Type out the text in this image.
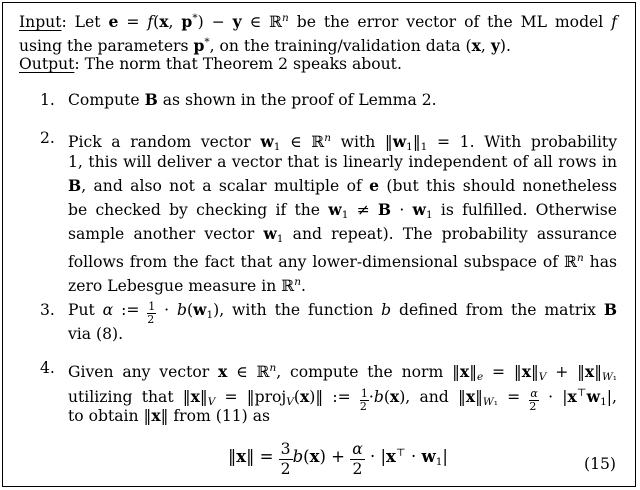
Input: Let e = f(x, p*) − y ∈ ℝ$^n$ be the error vector of the ML model f
using the parameters p*, on the training/validation data (x, y).
Output: The norm that Theorem 2 speaks about.
1. Compute B as shown in the proof of Lemma 2.
2. Pick a random vector $w_1$ ∈ ℝ$^n$ with $‖w_1‖_1 = 1$. With probability
1, this will deliver a vector that is linearly independent of all rows in
B, and also not a scalar multiple of e (but this should nonetheless
be checked by checking if the $w_1 \ne B \cdot w_1$ is fulfilled. Otherwise
sample another vector $w_1$ and repeat). The probability assurance
follows from the fact that any lower-dimensional subspace of ℝ$^n$ has
zero Lebesgue measure in ℝ$^n$.
3. Put α := $\frac{1}{2} \cdot b(w_1)$, with the function b defined from the matrix B
via (8).
4. Given any vector x ∈ ℝ$^n$, compute the norm $‖x‖_e$ = $‖x‖_V$ + $‖x‖_{W_1}$
utilizing that $‖x‖_V$ = ‖proj$_V$(x)‖ := $\frac{1}{2} \cdot b(x)$, and $‖x‖_{W_1} = \frac{\alpha}{2} \cdot |x^⊤w_1|$,
to obtain ‖x‖ from (11) as
‖x‖ = $\frac{3}{2} b(x) + \frac{\alpha}{2} \cdot |x^⊤ \cdot w_1|$	(15)
